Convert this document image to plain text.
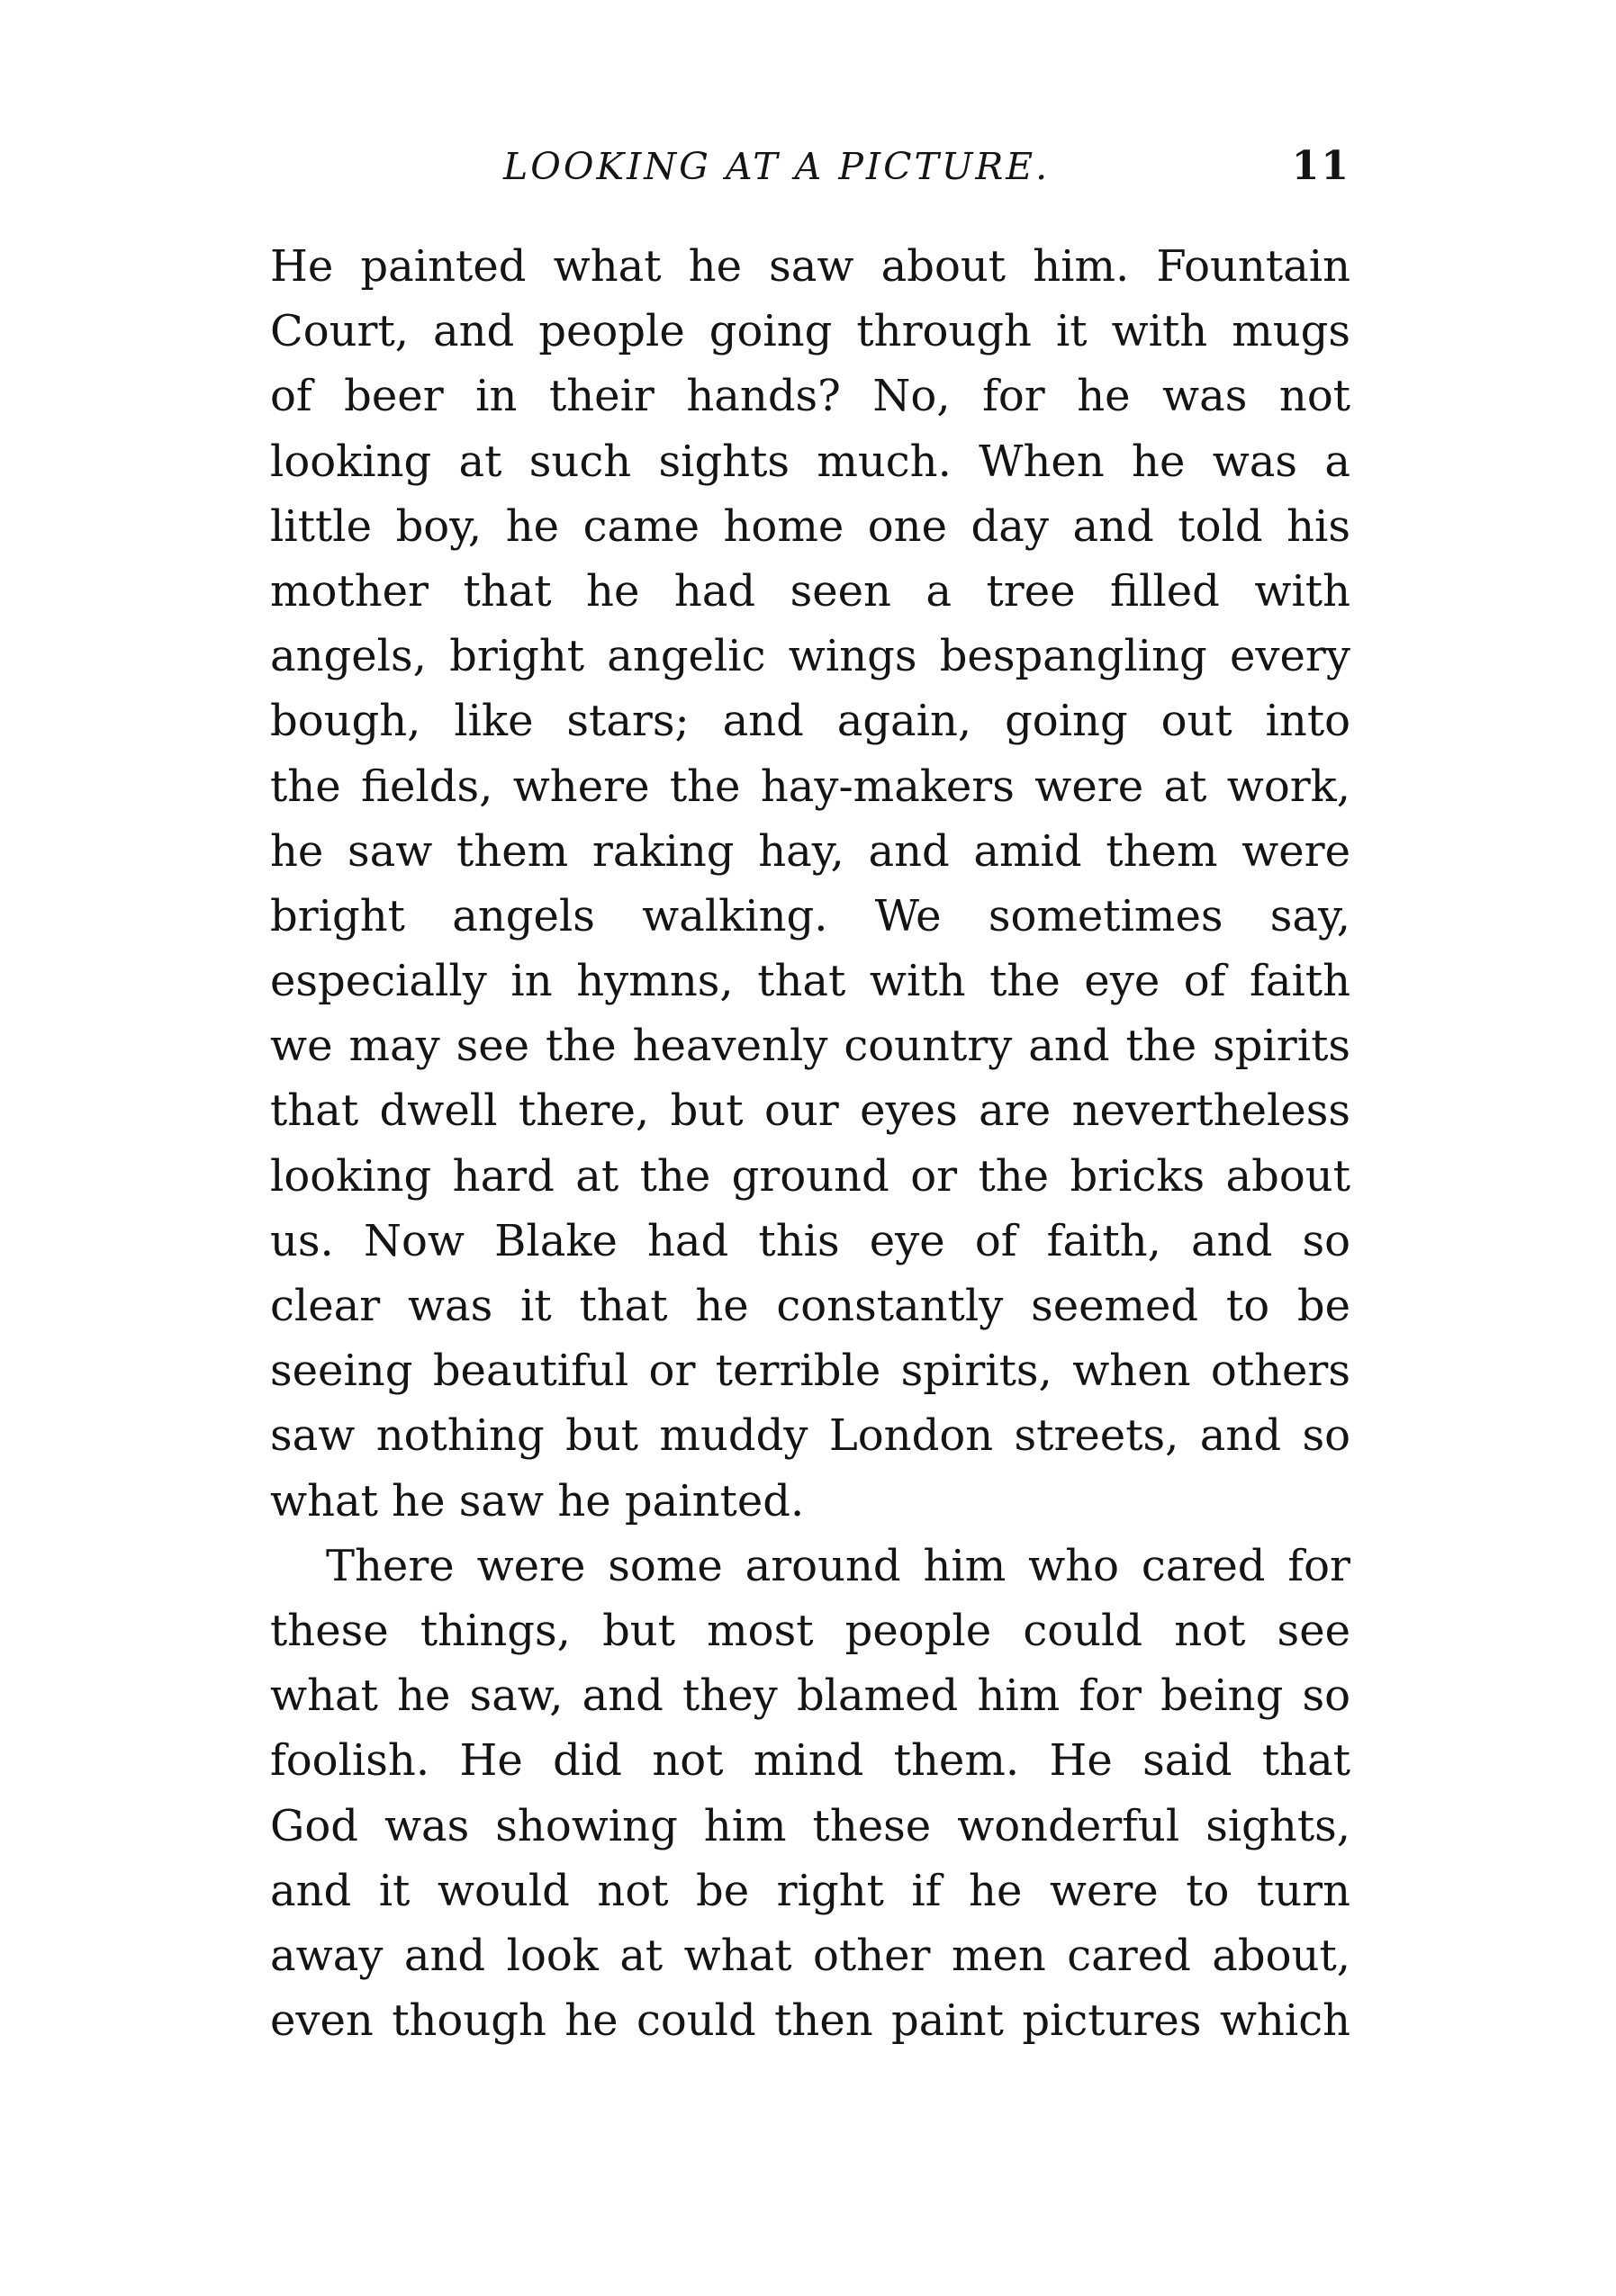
LOOKING AT A PICTURE.	11
He painted what he saw about him. Fountain
Court, and people going through it with mugs
of beer in their hands? No, for he was not
looking at such sights much. When he was a
little boy, he came home one day and told his
mother that he had seen a tree filled with
angels, bright angelic wings bespangling every
bough, like stars; and again, going out into
the fields, where the hay-makers were at work,
he saw them raking hay, and amid them were
bright angels walking. We sometimes say,
especially in hymns, that with the eye of faith
we may see the heavenly country and the spirits
that dwell there, but our eyes are nevertheless
looking hard at the ground or the bricks about
us. Now Blake had this eye of faith, and so
clear was it that he constantly seemed to be
seeing beautiful or terrible spirits, when others
saw nothing but muddy London streets, and so
what he saw he painted.
There were some around him who cared for
these things, but most people could not see
what he saw, and they blamed him for being so
foolish. He did not mind them. He said that
God was showing him these wonderful sights,
and it would not be right if he were to turn
away and look at what other men cared about,
even though he could then paint pictures which
